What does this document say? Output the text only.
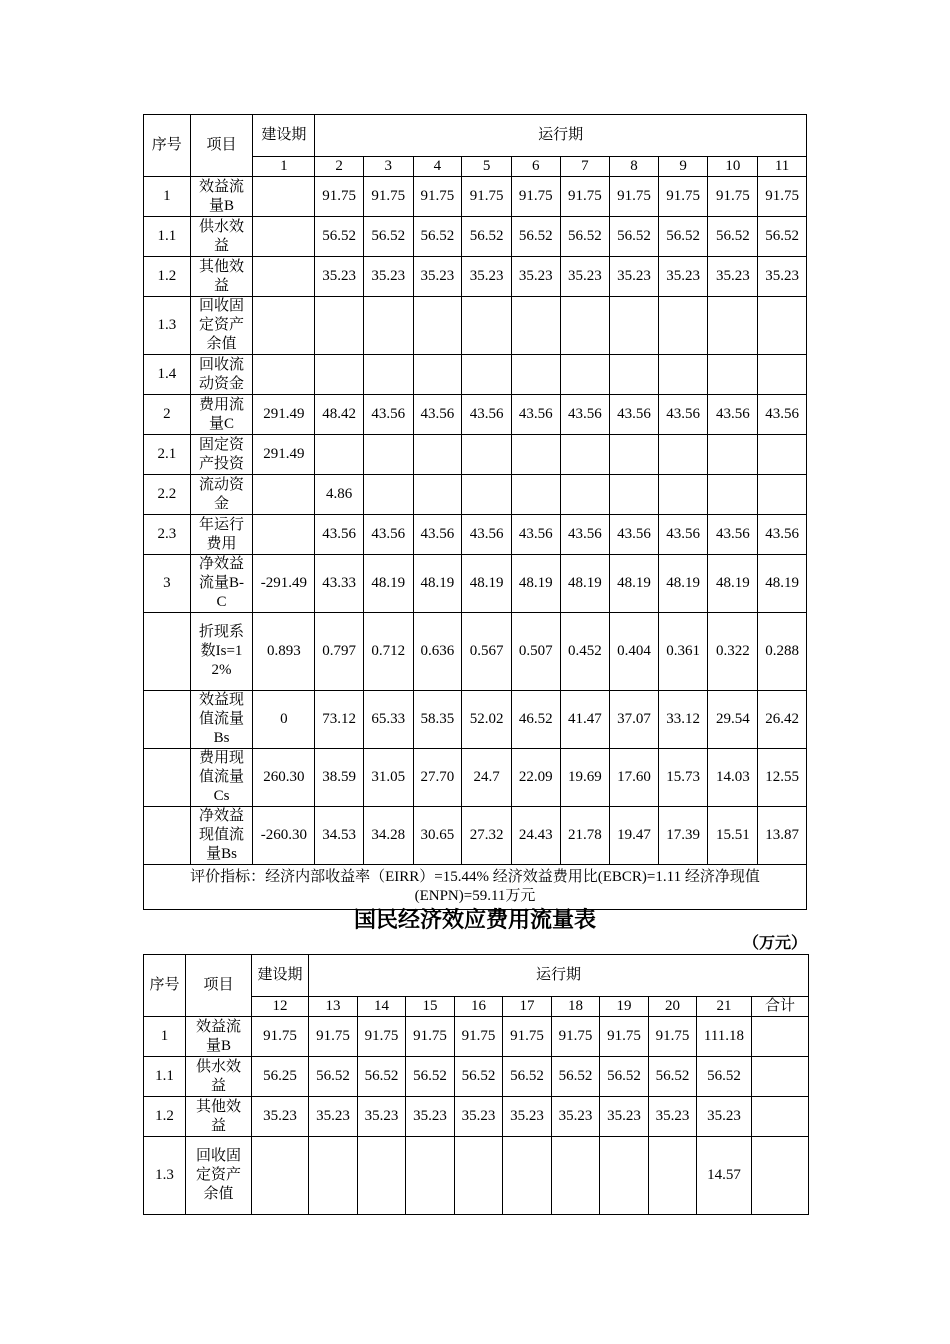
序号	项目	建设期	运行期									
		1	2	3	4	5	6	7	8	9	10	11
1	效益流量B		91.75	91.75	91.75	91.75	91.75	91.75	91.75	91.75	91.75	91.75
1.1	供水效益		56.52	56.52	56.52	56.52	56.52	56.52	56.52	56.52	56.52	56.52
1.2	其他效益		35.23	35.23	35.23	35.23	35.23	35.23	35.23	35.23	35.23	35.23
1.3	回收固定资产余值											
1.4	回收流动资金											
2	费用流量C	291.49	48.42	43.56	43.56	43.56	43.56	43.56	43.56	43.56	43.56	43.56
2.1	固定资产投资	291.49										
2.2	流动资金		4.86									
2.3	年运行费用		43.56	43.56	43.56	43.56	43.56	43.56	43.56	43.56	43.56	43.56
3	净效益流量B-C	-291.49	43.33	48.19	48.19	48.19	48.19	48.19	48.19	48.19	48.19	48.19
	折现系数Is=12%	0.893	0.797	0.712	0.636	0.567	0.507	0.452	0.404	0.361	0.322	0.288
	效益现值流量Bs	0	73.12	65.33	58.35	52.02	46.52	41.47	37.07	33.12	29.54	26.42
	费用现值流量Cs	260.30	38.59	31.05	27.70	24.7	22.09	19.69	17.60	15.73	14.03	12.55
	净效益现值流量Bs	-260.30	34.53	34.28	30.65	27.32	24.43	21.78	19.47	17.39	15.51	13.87
评价指标：经济内部收益率（EIRR）=15.44% 经济效益费用比(EBCR)=1.11 经济净现值(ENPN)=59.11万元												
国民经济效应费用流量表
（万元）
序号	项目	建设期	运行期									
		12	13	14	15	16	17	18	19	20	21	合计
1	效益流量B	91.75	91.75	91.75	91.75	91.75	91.75	91.75	91.75	91.75	111.18	
1.1	供水效益	56.25	56.52	56.52	56.52	56.52	56.52	56.52	56.52	56.52	56.52	
1.2	其他效益	35.23	35.23	35.23	35.23	35.23	35.23	35.23	35.23	35.23	35.23	
1.3	回收固定资产余值										14.57	
